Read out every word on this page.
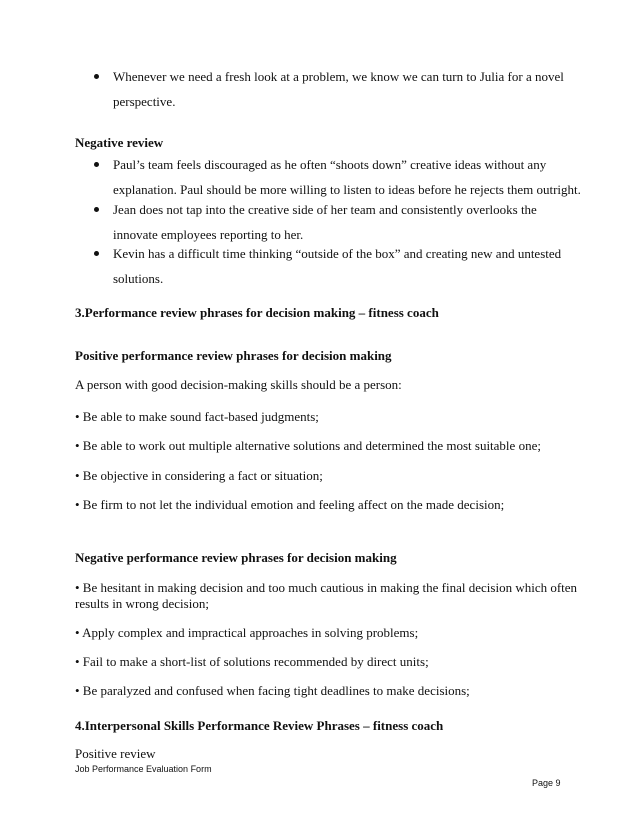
Whenever we need a fresh look at a problem, we know we can turn to Julia for a novel
perspective.
Negative review
Paul’s team feels discouraged as he often “shoots down” creative ideas without any
explanation. Paul should be more willing to listen to ideas before he rejects them outright.
Jean does not tap into the creative side of her team and consistently overlooks the
innovate employees reporting to her.
Kevin has a difficult time thinking “outside of the box” and creating new and untested
solutions.
3.Performance review phrases for decision making – fitness coach
Positive performance review phrases for decision making
A person with good decision-making skills should be a person:
• Be able to make sound fact-based judgments;
• Be able to work out multiple alternative solutions and determined the most suitable one;
• Be objective in considering a fact or situation;
• Be firm to not let the individual emotion and feeling affect on the made decision;
Negative performance review phrases for decision making
• Be hesitant in making decision and too much cautious in making the final decision which often
results in wrong decision;
• Apply complex and impractical approaches in solving problems;
• Fail to make a short-list of solutions recommended by direct units;
• Be paralyzed and confused when facing tight deadlines to make decisions;
4.Interpersonal Skills Performance Review Phrases – fitness coach
Positive review
Job Performance Evaluation Form
Page 9
